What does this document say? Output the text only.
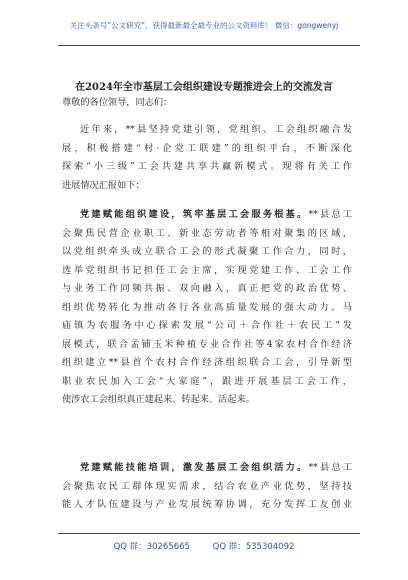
关注头条号“公文研究”，获得最新最全最专业的公文资料库！ 微信：gongwenyj
在2024年全市基层工会组织建设专题推进会上的交流发言
尊敬的各位领导，同志们：
近年来，**县坚持党建引领，党组织、工会组织融合发
展，积极搭建“村·企党工联建”的组织平台，不断深化
探索“小三级”工会共建共享共赢新模式。现将有关工作
进展情况汇报如下：
党建赋能组织建设，筑牢基层工会服务根基。**县总工
会聚焦民营企业职工、新业态劳动者等相对聚集的区域，
以党组织牵头成立联合工会的形式凝聚工作合力，同时，
选举党组织书记担任工会主席，实现党建工作、工会工作
与业务工作同频共振、双向融入，真正把党的政治优势、
组织优势转化为推动各行各业高质量发展的强大动力。马
庙镇为农服务中心探索发展“公司＋合作社＋农民工”发
展模式，联合孟铺玉米种植专业合作社等4家农村合作经济
组织建立**县首个农村合作经济组织联合工会，引导新型
职业农民加入工会“大家庭”，跟进开展基层工会工作，
使涉农工会组织真正建起来、转起来、活起来。
党建赋能技能培训，激发基层工会组织活力。**县总工
会聚焦农民工群体现实需求，结合农业产业优势，坚持技
能人才队伍建设与产业发展统筹协调，充分发挥工友创业
QQ 群：30265665	QQ 群：535304092
